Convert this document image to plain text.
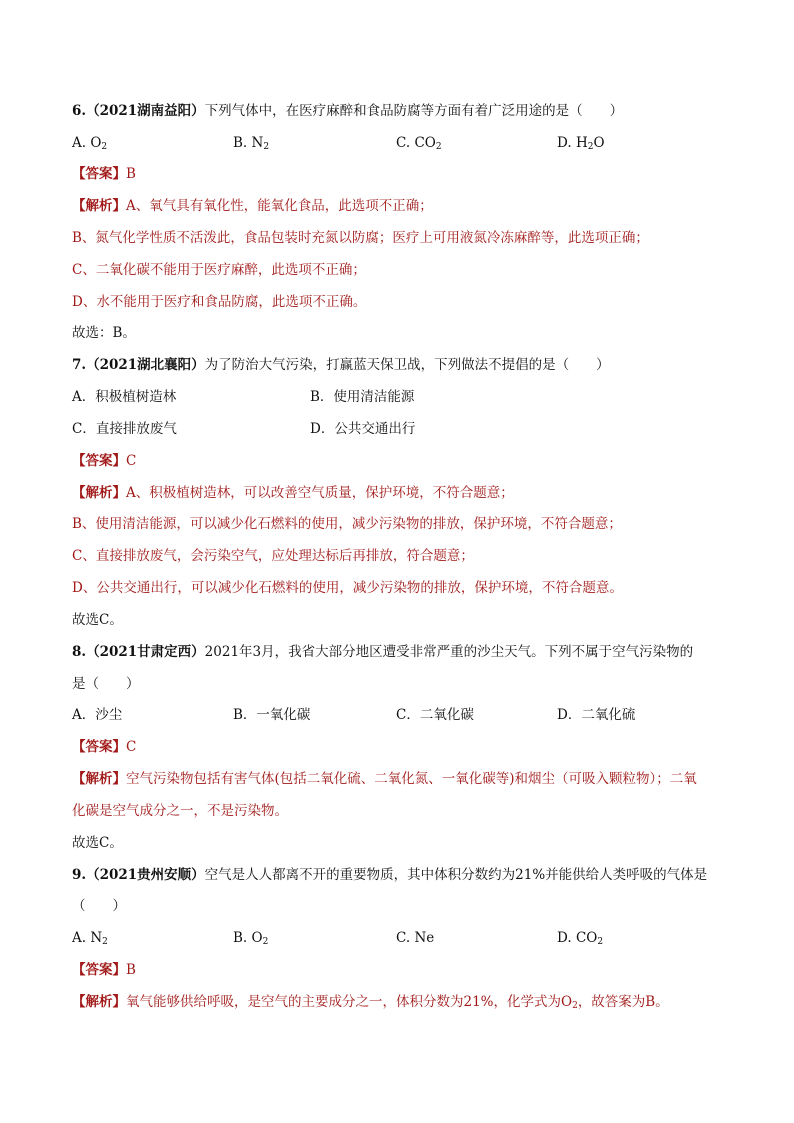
6.（2021湖南益阳）下列气体中，在医疗麻醉和食品防腐等方面有着广泛用途的是（　　）
A. $O_2$	B. $N_2$	C. $CO_2$	D. $H_2O$
【答案】B
【解析】A、氧气具有氧化性，能氧化食品，此选项不正确；
B、氮气化学性质不活泼此，食品包装时充氮以防腐；医疗上可用液氮冷冻麻醉等，此选项正确；
C、二氧化碳不能用于医疗麻醉，此选项不正确；
D、水不能用于医疗和食品防腐，此选项不正确。
故选：B。
7.（2021湖北襄阳）为了防治大气污染，打赢蓝天保卫战，下列做法不提倡的是（　　）
A．积极植树造林	B．使用清洁能源
C．直接排放废气	D．公共交通出行
【答案】C
【解析】A、积极植树造林，可以改善空气质量，保护环境，不符合题意；
B、使用清洁能源，可以减少化石燃料的使用，减少污染物的排放，保护环境，不符合题意；
C、直接排放废气，会污染空气，应处理达标后再排放，符合题意；
D、公共交通出行，可以减少化石燃料的使用，减少污染物的排放，保护环境，不符合题意。
故选C。
8.（2021甘肃定西）2021年3月，我省大部分地区遭受非常严重的沙尘天气。下列不属于空气污染物的
是（　　）
A．沙尘	B．一氧化碳	C．二氧化碳	D．二氧化硫
【答案】C
【解析】空气污染物包括有害气体(包括二氧化硫、二氧化氮、一氧化碳等)和烟尘（可吸入颗粒物）；二氧
化碳是空气成分之一，不是污染物。
故选C。
9.（2021贵州安顺）空气是人人都离不开的重要物质，其中体积分数约为21%并能供给人类呼吸的气体是
（　　）
A. $N_2$	B. $O_2$	C. Ne	D. $CO_2$
【答案】B
【解析】氧气能够供给呼吸，是空气的主要成分之一，体积分数为21%，化学式为$O_2$，故答案为B。
